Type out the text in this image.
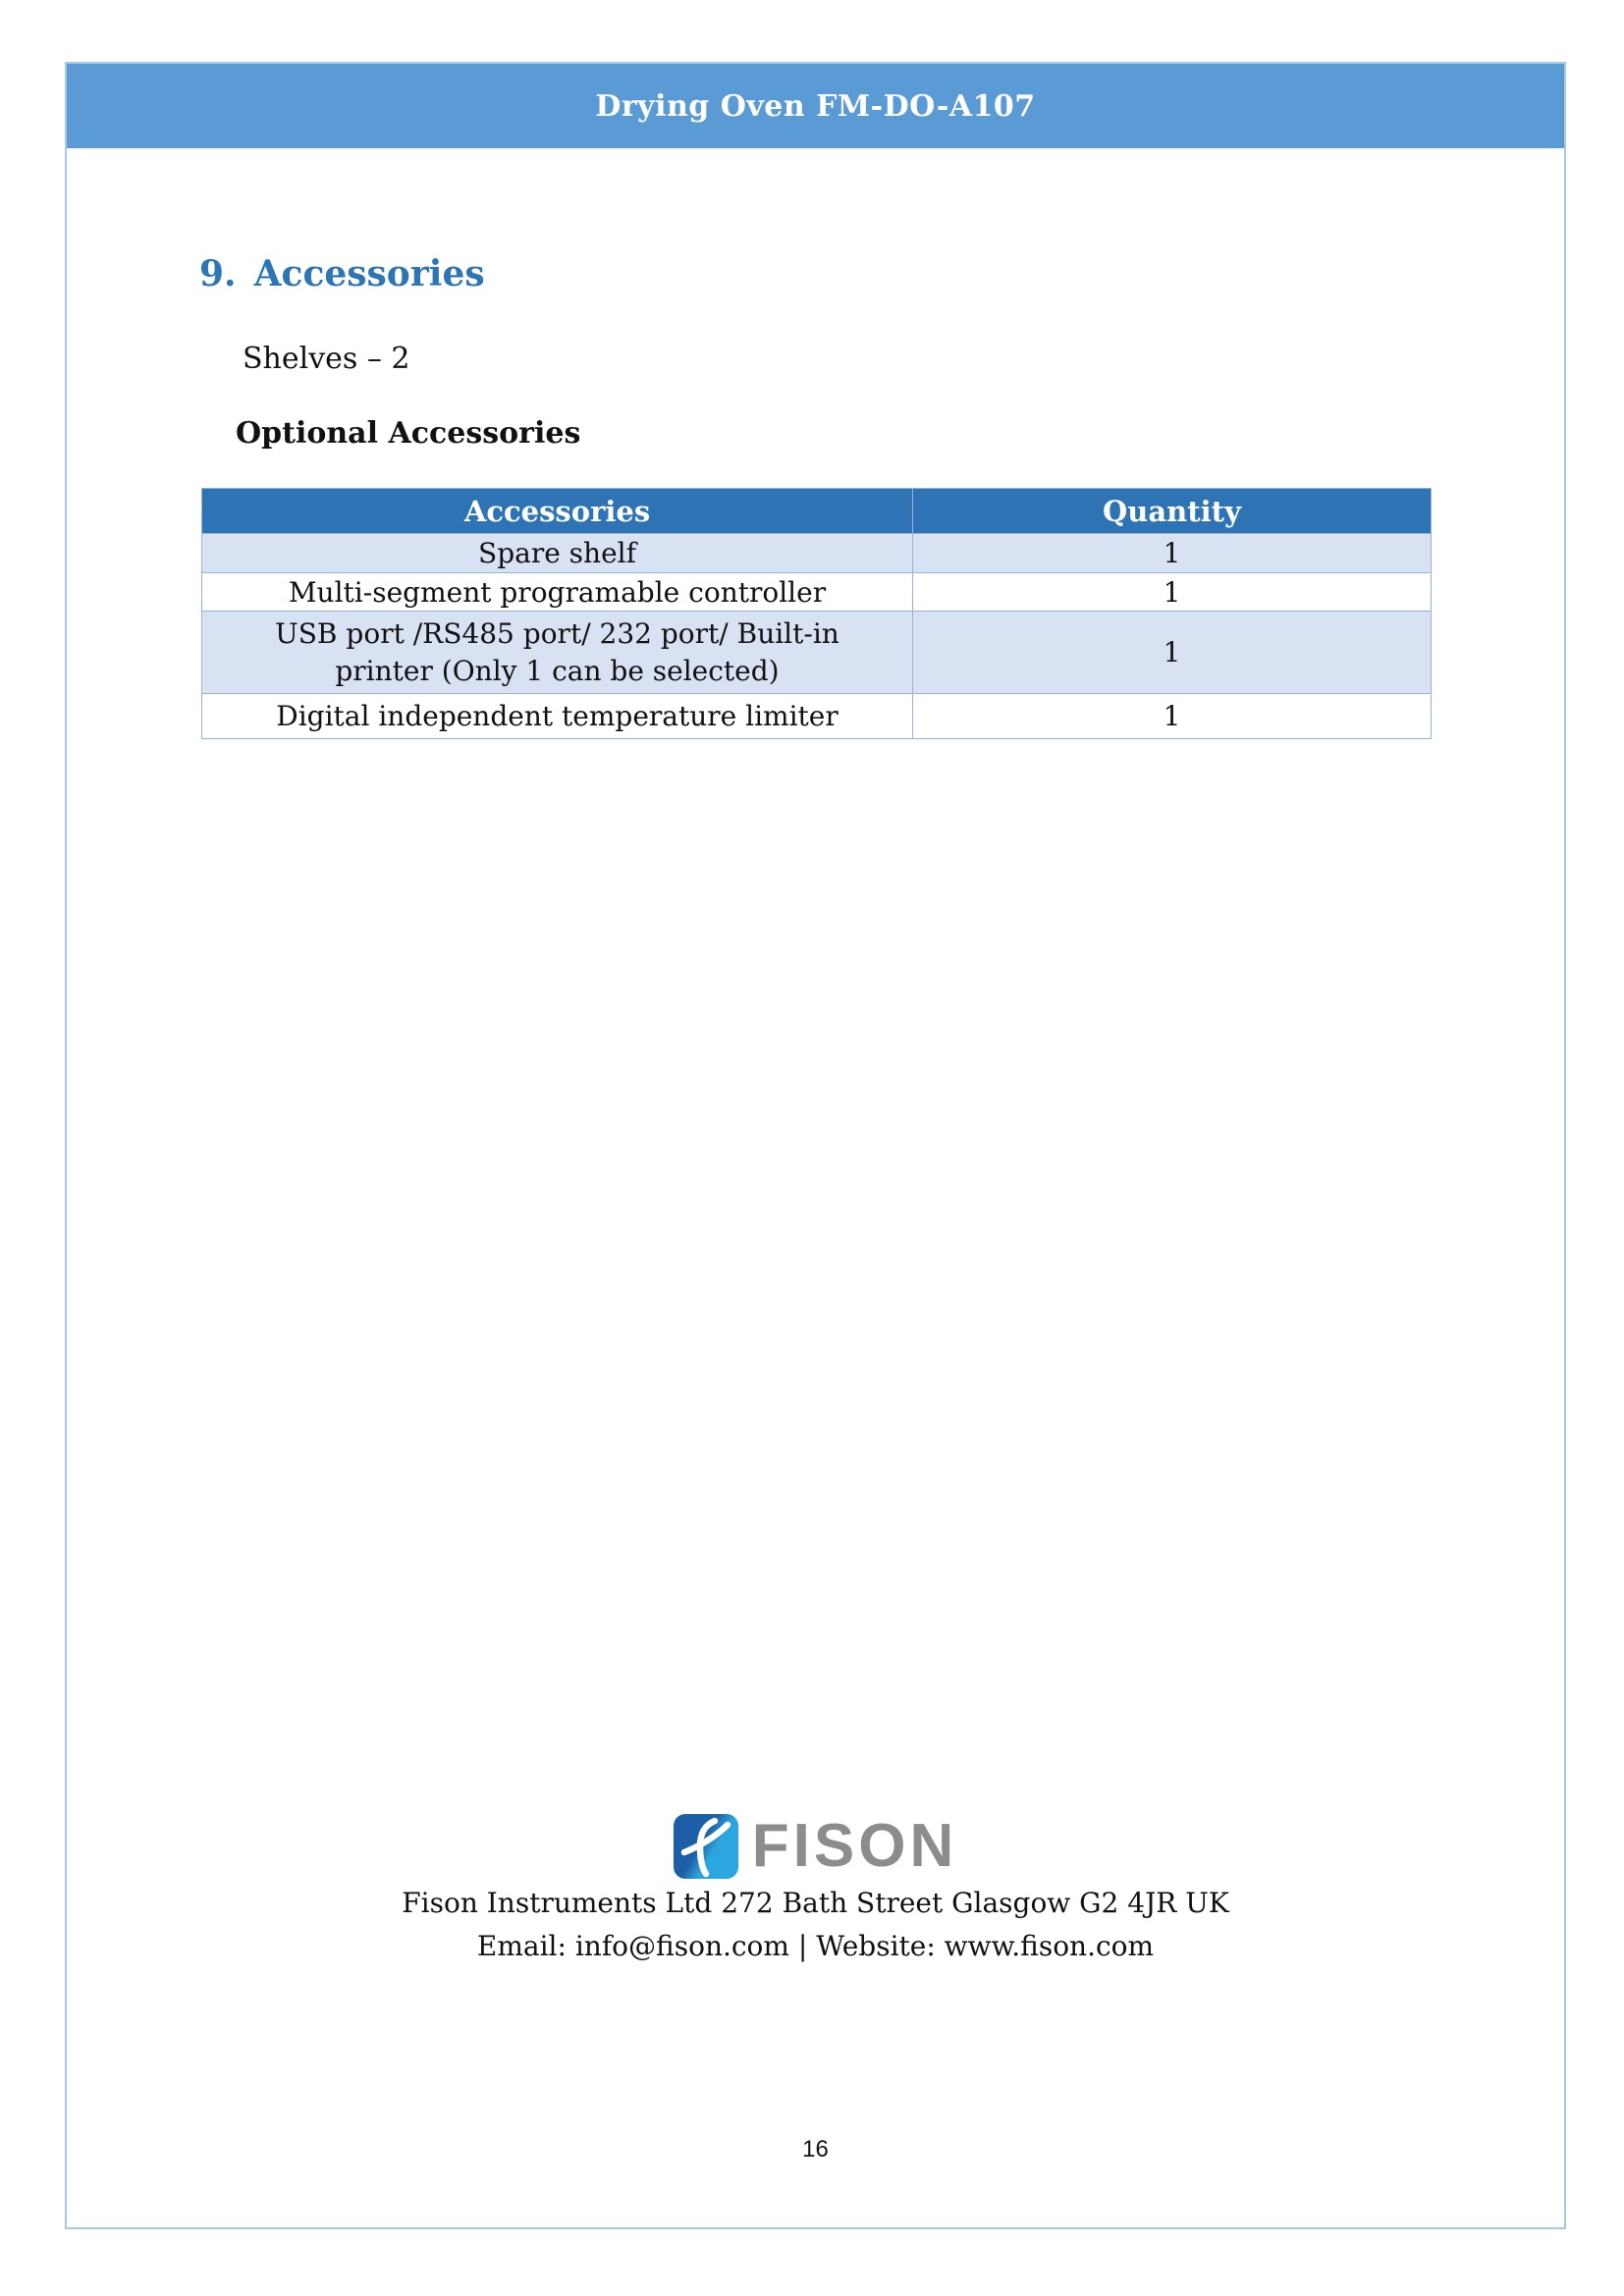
Drying Oven FM-DO-A107
9. Accessories
Shelves – 2
Optional Accessories
Accessories	Quantity
Spare shelf	1
Multi-segment programable controller	1
USB port /RS485 port/ 232 port/ Built-in printer (Only 1 can be selected)	1
Digital independent temperature limiter	1
FISON
Fison Instruments Ltd 272 Bath Street Glasgow G2 4JR UK
Email: info@fison.com | Website: www.fison.com
16
